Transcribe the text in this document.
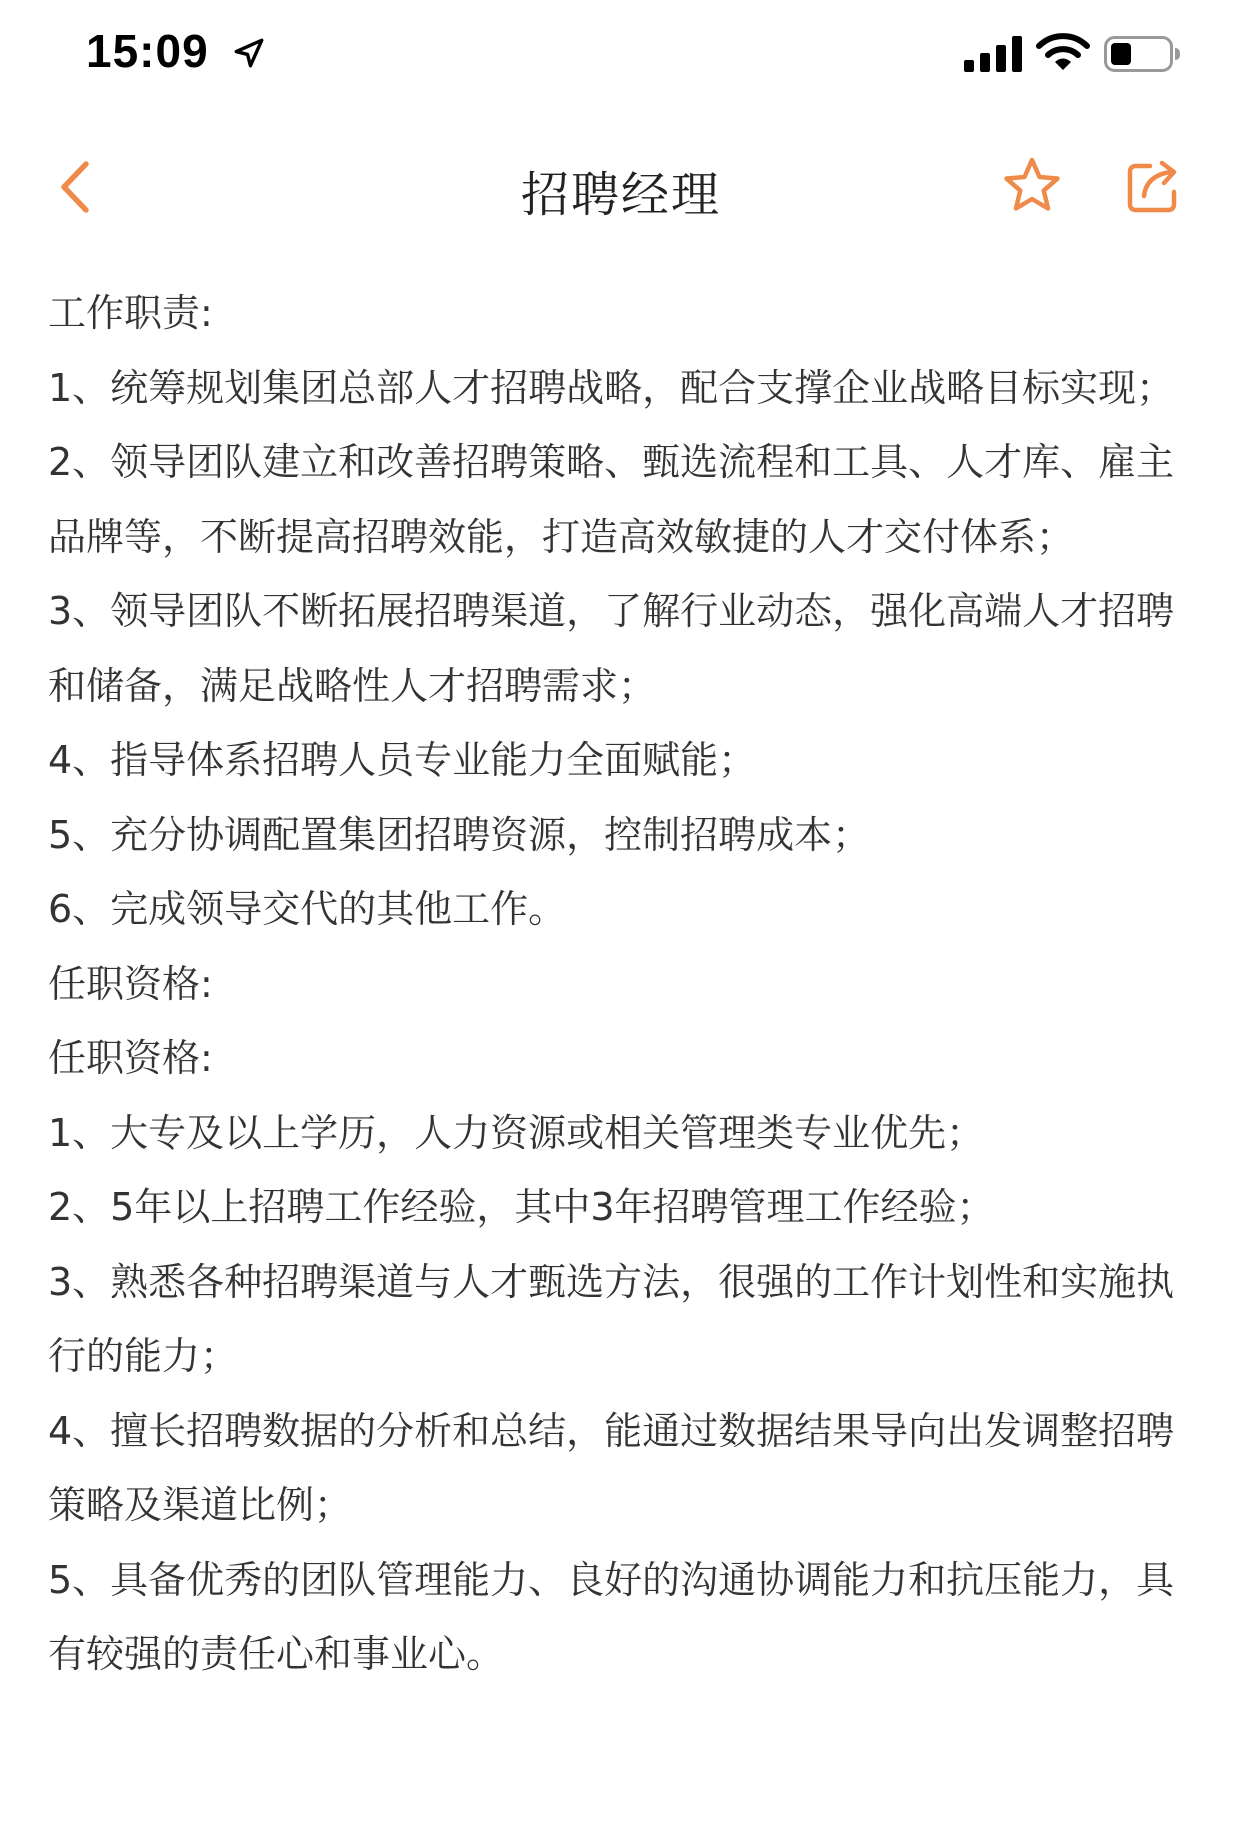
15:09
招聘经理
工作职责:
1、统筹规划集团总部人才招聘战略，配合支撑企业战略目标实现；
2、领导团队建立和改善招聘策略、甄选流程和工具、人才库、雇主品牌等，不断提高招聘效能，打造高效敏捷的人才交付体系；
3、领导团队不断拓展招聘渠道，了解行业动态，强化高端人才招聘和储备，满足战略性人才招聘需求；
4、指导体系招聘人员专业能力全面赋能；
5、充分协调配置集团招聘资源，控制招聘成本；
6、完成领导交代的其他工作。
任职资格:
任职资格:
1、大专及以上学历，人力资源或相关管理类专业优先；
2、5年以上招聘工作经验，其中3年招聘管理工作经验；
3、熟悉各种招聘渠道与人才甄选方法，很强的工作计划性和实施执行的能力；
4、擅长招聘数据的分析和总结，能通过数据结果导向出发调整招聘策略及渠道比例；
5、具备优秀的团队管理能力、良好的沟通协调能力和抗压能力，具有较强的责任心和事业心。
